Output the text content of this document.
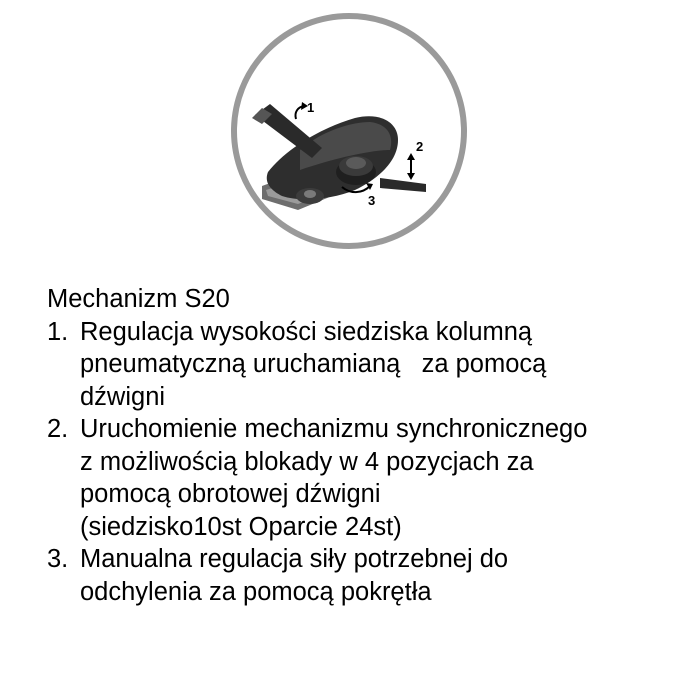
1
2
3
Mechanizm S20
1. Regulacja wysokości siedziska kolumną
pneumatyczną uruchamianą   za pomocą
dźwigni
2. Uruchomienie mechanizmu synchronicznego
z możliwością blokady w 4 pozycjach za
pomocą obrotowej dźwigni
(siedzisko10st Oparcie 24st)
3. Manualna regulacja siły potrzebnej do
odchylenia za pomocą pokrętła
